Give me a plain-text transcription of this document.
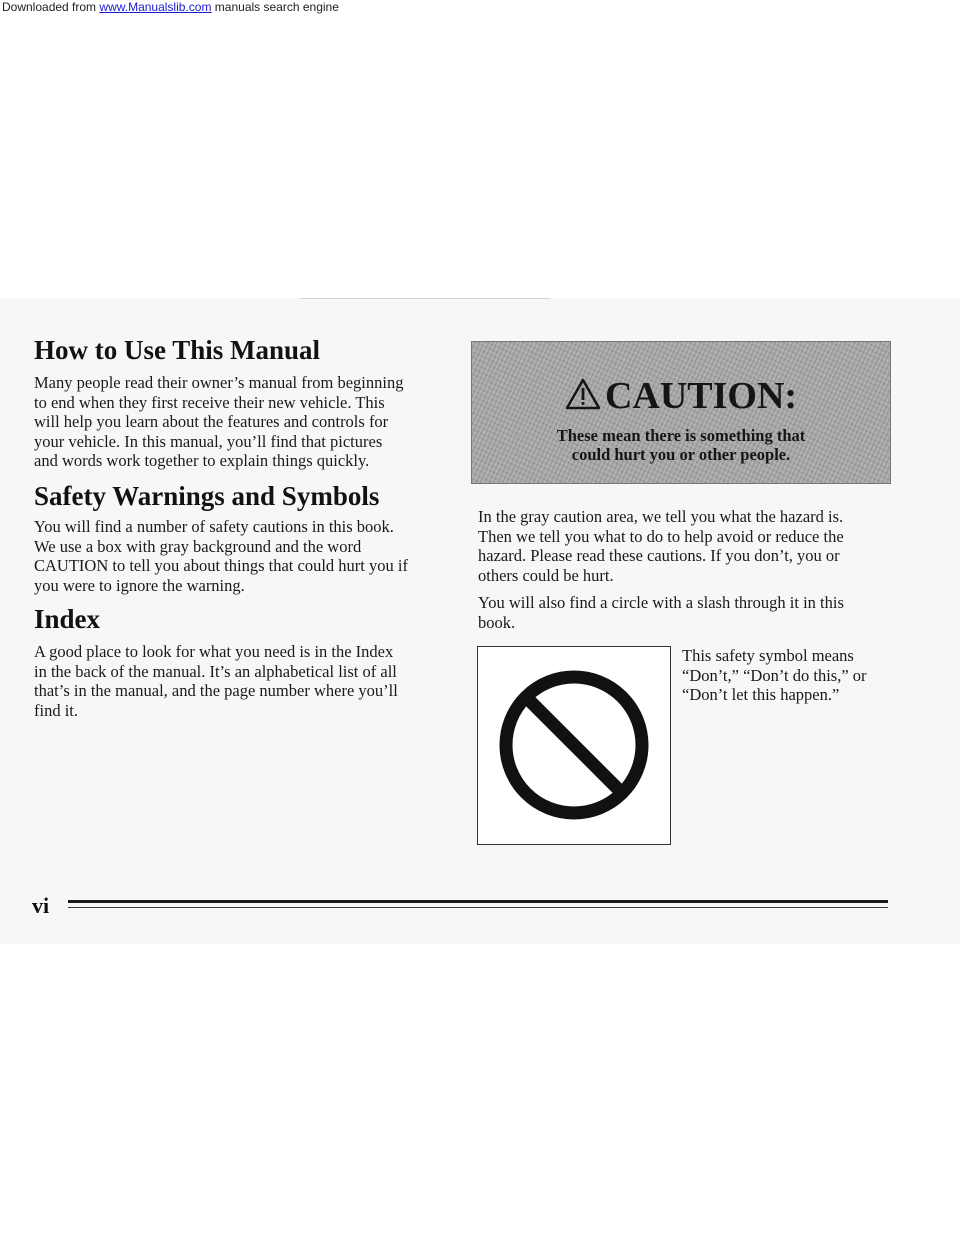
Downloaded from www.Manualslib.com manuals search engine
How to Use This Manual

Many people read their owner’s manual from beginning
to end when they first receive their new vehicle. This
will help you learn about the features and controls for
your vehicle. In this manual, you’ll find that pictures
and words work together to explain things quickly.

Safety Warnings and Symbols

You will find a number of safety cautions in this book.
We use a box with gray background and the word
CAUTION to tell you about things that could hurt you if
you were to ignore the warning.

Index

A good place to look for what you need is in the Index
in the back of the manual. It’s an alphabetical list of all
that’s in the manual, and the page number where you’ll
find it.

CAUTION:
These mean there is something that
could hurt you or other people.

In the gray caution area, we tell you what the hazard is.
Then we tell you what to do to help avoid or reduce the
hazard. Please read these cautions. If you don’t, you or
others could be hurt.

You will also find a circle with a slash through it in this
book.

This safety symbol means
“Don’t,” “Don’t do this,” or
“Don’t let this happen.”

vi
